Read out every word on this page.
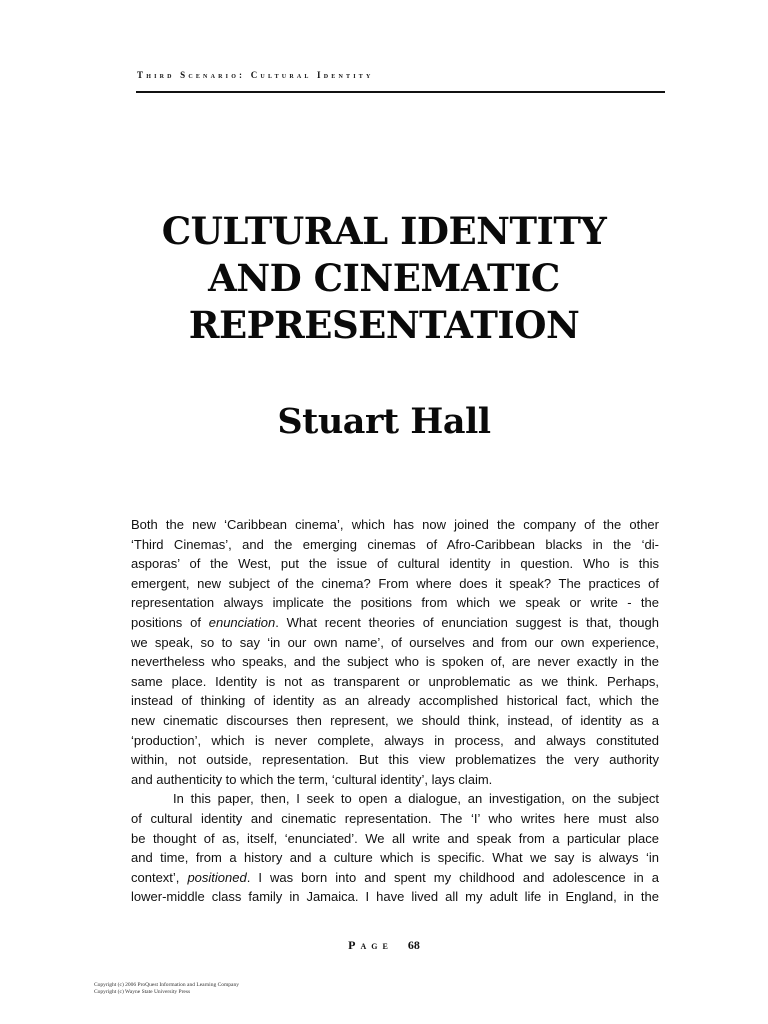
Third Scenario: Cultural Identity
CULTURAL IDENTITY
AND CINEMATIC
REPRESENTATION
Stuart Hall
Both the new ‘Caribbean cinema’, which has now joined the company of the other
‘Third Cinemas’, and the emerging cinemas of Afro-Caribbean blacks in the ‘di-
asporas’ of the West, put the issue of cultural identity in question. Who is this
emergent, new subject of the cinema? From where does it speak? The practices of
representation always implicate the positions from which we speak or write - the
positions of enunciation. What recent theories of enunciation suggest is that, though
we speak, so to say ‘in our own name’, of ourselves and from our own experience,
nevertheless who speaks, and the subject who is spoken of, are never exactly in the
same place. Identity is not as transparent or unproblematic as we think. Perhaps,
instead of thinking of identity as an already accomplished historical fact, which the
new cinematic discourses then represent, we should think, instead, of identity as a
‘production’, which is never complete, always in process, and always constituted
within, not outside, representation. But this view problematizes the very authority
and authenticity to which the term, ‘cultural identity’, lays claim.
In this paper, then, I seek to open a dialogue, an investigation, on the subject
of cultural identity and cinematic representation. The ‘I’ who writes here must also
be thought of as, itself, ‘enunciated’. We all write and speak from a particular place
and time, from a history and a culture which is specific. What we say is always ‘in
context’, positioned. I was born into and spent my childhood and adolescence in a
lower-middle class family in Jamaica. I have lived all my adult life in England, in the
Page 68
Copyright (c) 2006 ProQuest Information and Learning Company
Copyright (c) Wayne State University Press
